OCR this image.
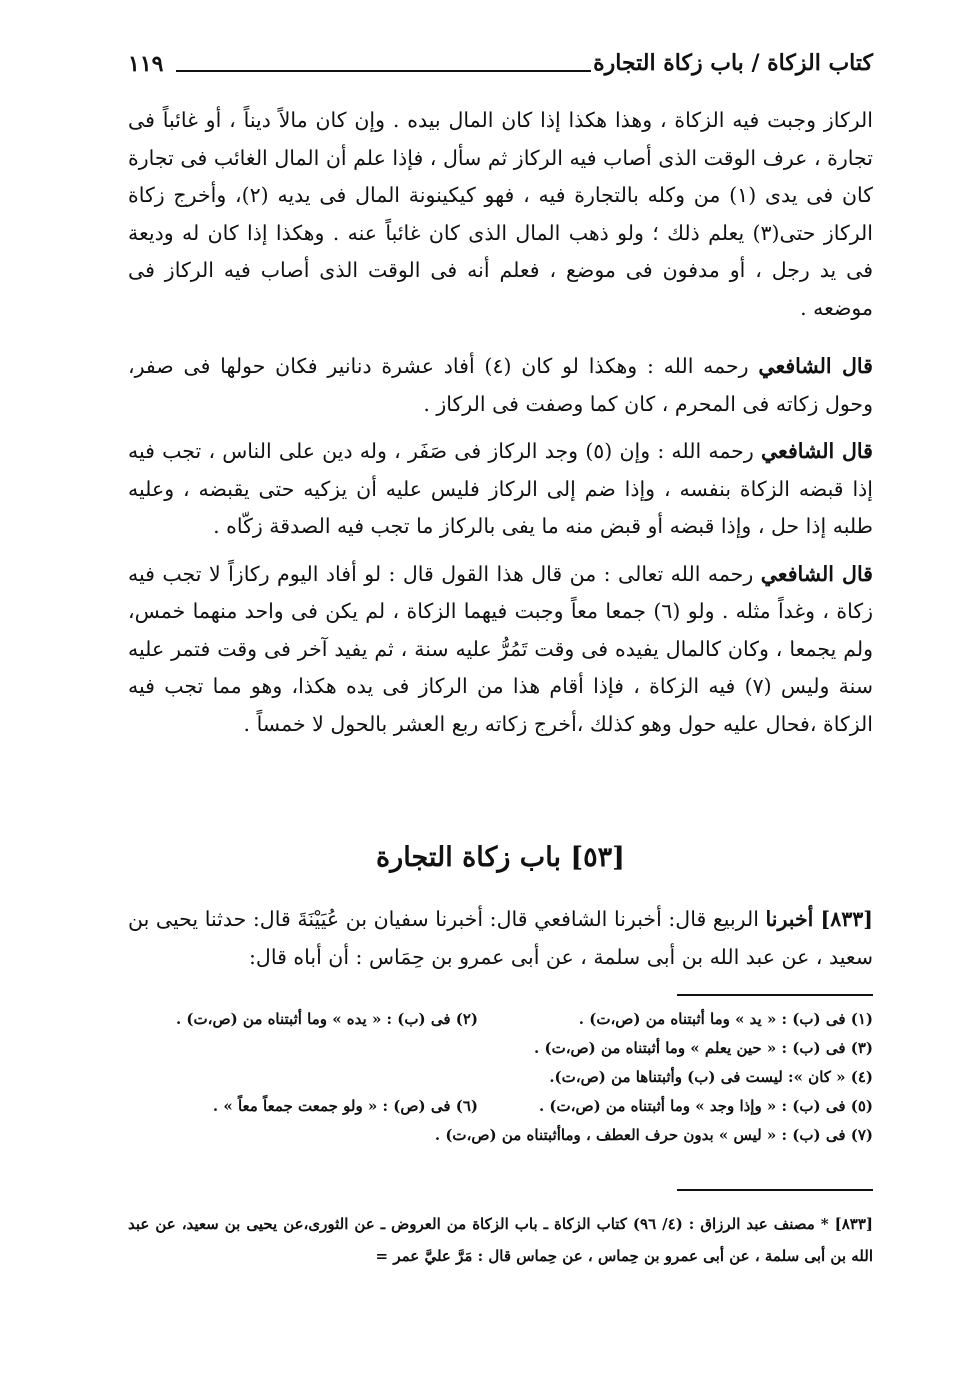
كتاب الزكاة / باب زكاة التجارة
١١٩

الركاز وجبت فيه الزكاة ، وهذا هكذا إذا كان المال بيده . وإن كان مالاً ديناً ، أو غائباً فى تجارة ، عرف الوقت الذى أصاب فيه الركاز ثم سأل ، فإذا علم أن المال الغائب فى تجارة كان فى يدى (١) من وكله بالتجارة فيه ، فهو كيكينونة المال فى يديه (٢)، وأخرج زكاة الركاز حتى(٣) يعلم ذلك ؛ ولو ذهب المال الذى كان غائباً عنه . وهكذا إذا كان له وديعة فى يد رجل ، أو مدفون فى موضع ، فعلم أنه فى الوقت الذى أصاب فيه الركاز فى موضعه .

قال الشافعي رحمه الله : وهكذا لو كان (٤) أفاد عشرة دنانير فكان حولها فى صفر، وحول زكاته فى المحرم ، كان كما وصفت فى الركاز .

قال الشافعي رحمه الله : وإن (٥) وجد الركاز فى صَفَر ، وله دين على الناس ، تجب فيه إذا قبضه الزكاة بنفسه ، وإذا ضم إلى الركاز فليس عليه أن يزكيه حتى يقبضه ، وعليه طلبه إذا حل ، وإذا قبضه أو قبض منه ما يفى بالركاز ما تجب فيه الصدقة زكّاه .

قال الشافعي رحمه الله تعالى : من قال هذا القول قال : لو أفاد اليوم ركازاً لا تجب فيه زكاة ، وغداً مثله . ولو (٦) جمعا معاً وجبت فيهما الزكاة ، لم يكن فى واحد منهما خمس، ولم يجمعا ، وكان كالمال يفيده فى وقت تَمُرُّ عليه سنة ، ثم يفيد آخر فى وقت فتمر عليه سنة وليس (٧) فيه الزكاة ، فإذا أقام هذا من الركاز فى يده هكذا، وهو مما تجب فيه الزكاة ،فحال عليه حول وهو كذلك ،أخرج زكاته ربع العشر بالحول لا خمساً .

[٥٣] باب زكاة التجارة

[٨٣٣] أخبرنا الربيع قال: أخبرنا الشافعي قال: أخبرنا سفيان بن عُيَيْنَةَ قال: حدثنا يحيى بن سعيد ، عن عبد الله بن أبى سلمة ، عن أبى عمرو بن حِمَاس : أن أباه قال:

(١) فى (ب) : « يد » وما أثبتناه من (ص،ت) .
(٢) فى (ب) : « يده » وما أثبتناه من (ص،ت) .
(٣) فى (ب) : « حين يعلم » وما أثبتناه من (ص،ت) .
(٤) « كان »: ليست فى (ب) وأثبتناها من (ص،ت).
(٥) فى (ب) : « وإذا وجد » وما أثبتناه من (ص،ت) .
(٦) فى (ص) : « ولو جمعت جمعاً معاً » .
(٧) فى (ب) : « ليس » بدون حرف العطف ، وماأثبتناه من (ص،ت) .

[٨٣٣] * مصنف عبد الرزاق : (٤/ ٩٦) كتاب الزكاة ـ باب الزكاة من العروض ـ عن الثورى،عن يحيى بن سعيد، عن عبد الله بن أبى سلمة ، عن أبى عمرو بن حِماس ، عن حِماس قال : مَرَّ عليَّ عمر =
